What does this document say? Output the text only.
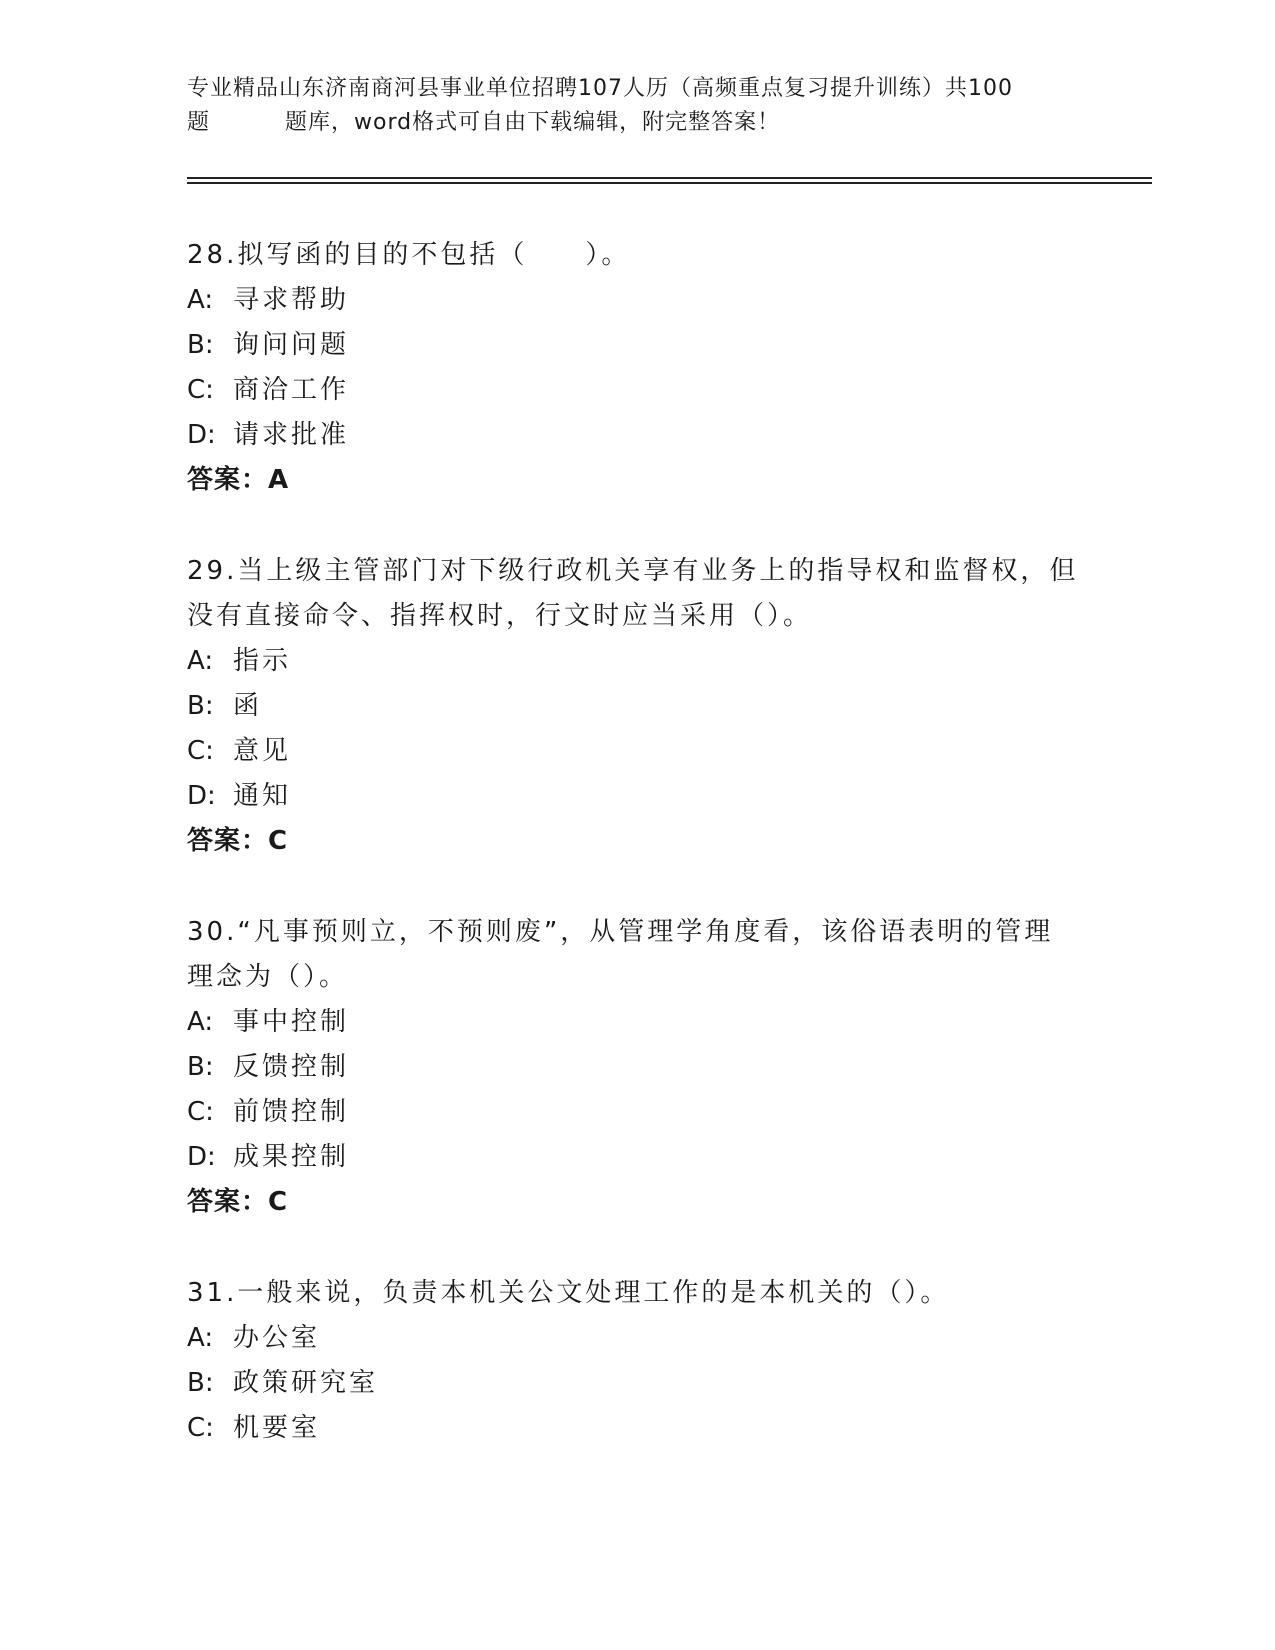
专业精品山东济南商河县事业单位招聘107人历（高频重点复习提升训练）共100
题	题库，word格式可自由下载编辑，附完整答案！
28.拟写函的目的不包括（　　）。
A: 寻求帮助
B: 询问问题
C: 商洽工作
D: 请求批准
答案：A
29.当上级主管部门对下级行政机关享有业务上的指导权和监督权，但
没有直接命令、指挥权时，行文时应当采用（）。
A: 指示
B: 函
C: 意见
D: 通知
答案：C
30.“凡事预则立，不预则废”，从管理学角度看，该俗语表明的管理
理念为（）。
A: 事中控制
B: 反馈控制
C: 前馈控制
D: 成果控制
答案：C
31.一般来说，负责本机关公文处理工作的是本机关的（）。
A: 办公室
B: 政策研究室
C: 机要室
